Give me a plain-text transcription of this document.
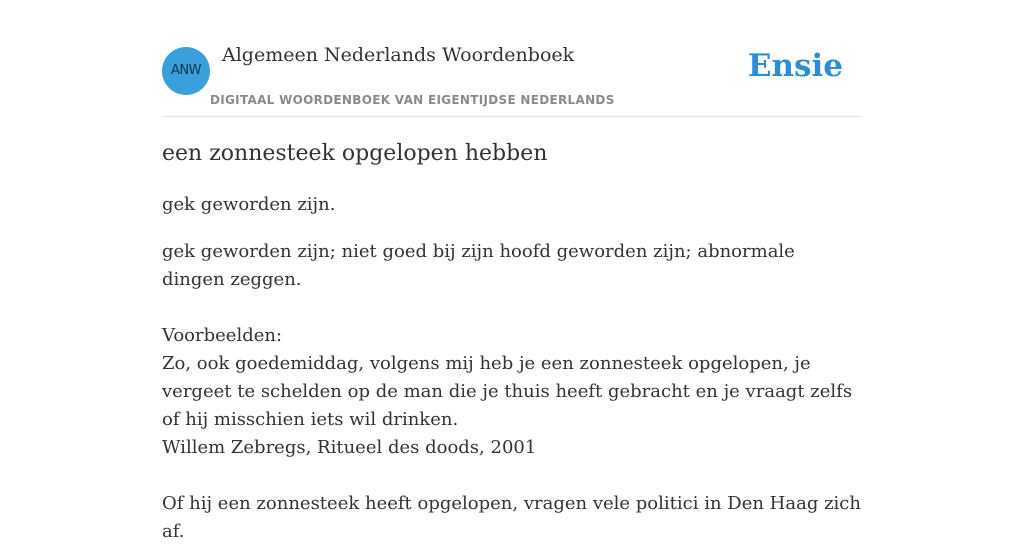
ANW
Algemeen Nederlands Woordenboek
DIGITAAL WOORDENBOEK VAN EIGENTIJDSE NEDERLANDS
Ensie
een zonnesteek opgelopen hebben

gek geworden zijn.

gek geworden zijn; niet goed bij zijn hoofd geworden zijn; abnormale dingen zeggen.
Voorbeelden:
Zo, ook goedemiddag, volgens mij heb je een zonnesteek opgelopen, je vergeet te schelden op de man die je thuis heeft gebracht en je vraagt zelfs of hij misschien iets wil drinken.
Willem Zebregs, Ritueel des doods, 2001
Of hij een zonnesteek heeft opgelopen, vragen vele politici in Den Haag zich af.
